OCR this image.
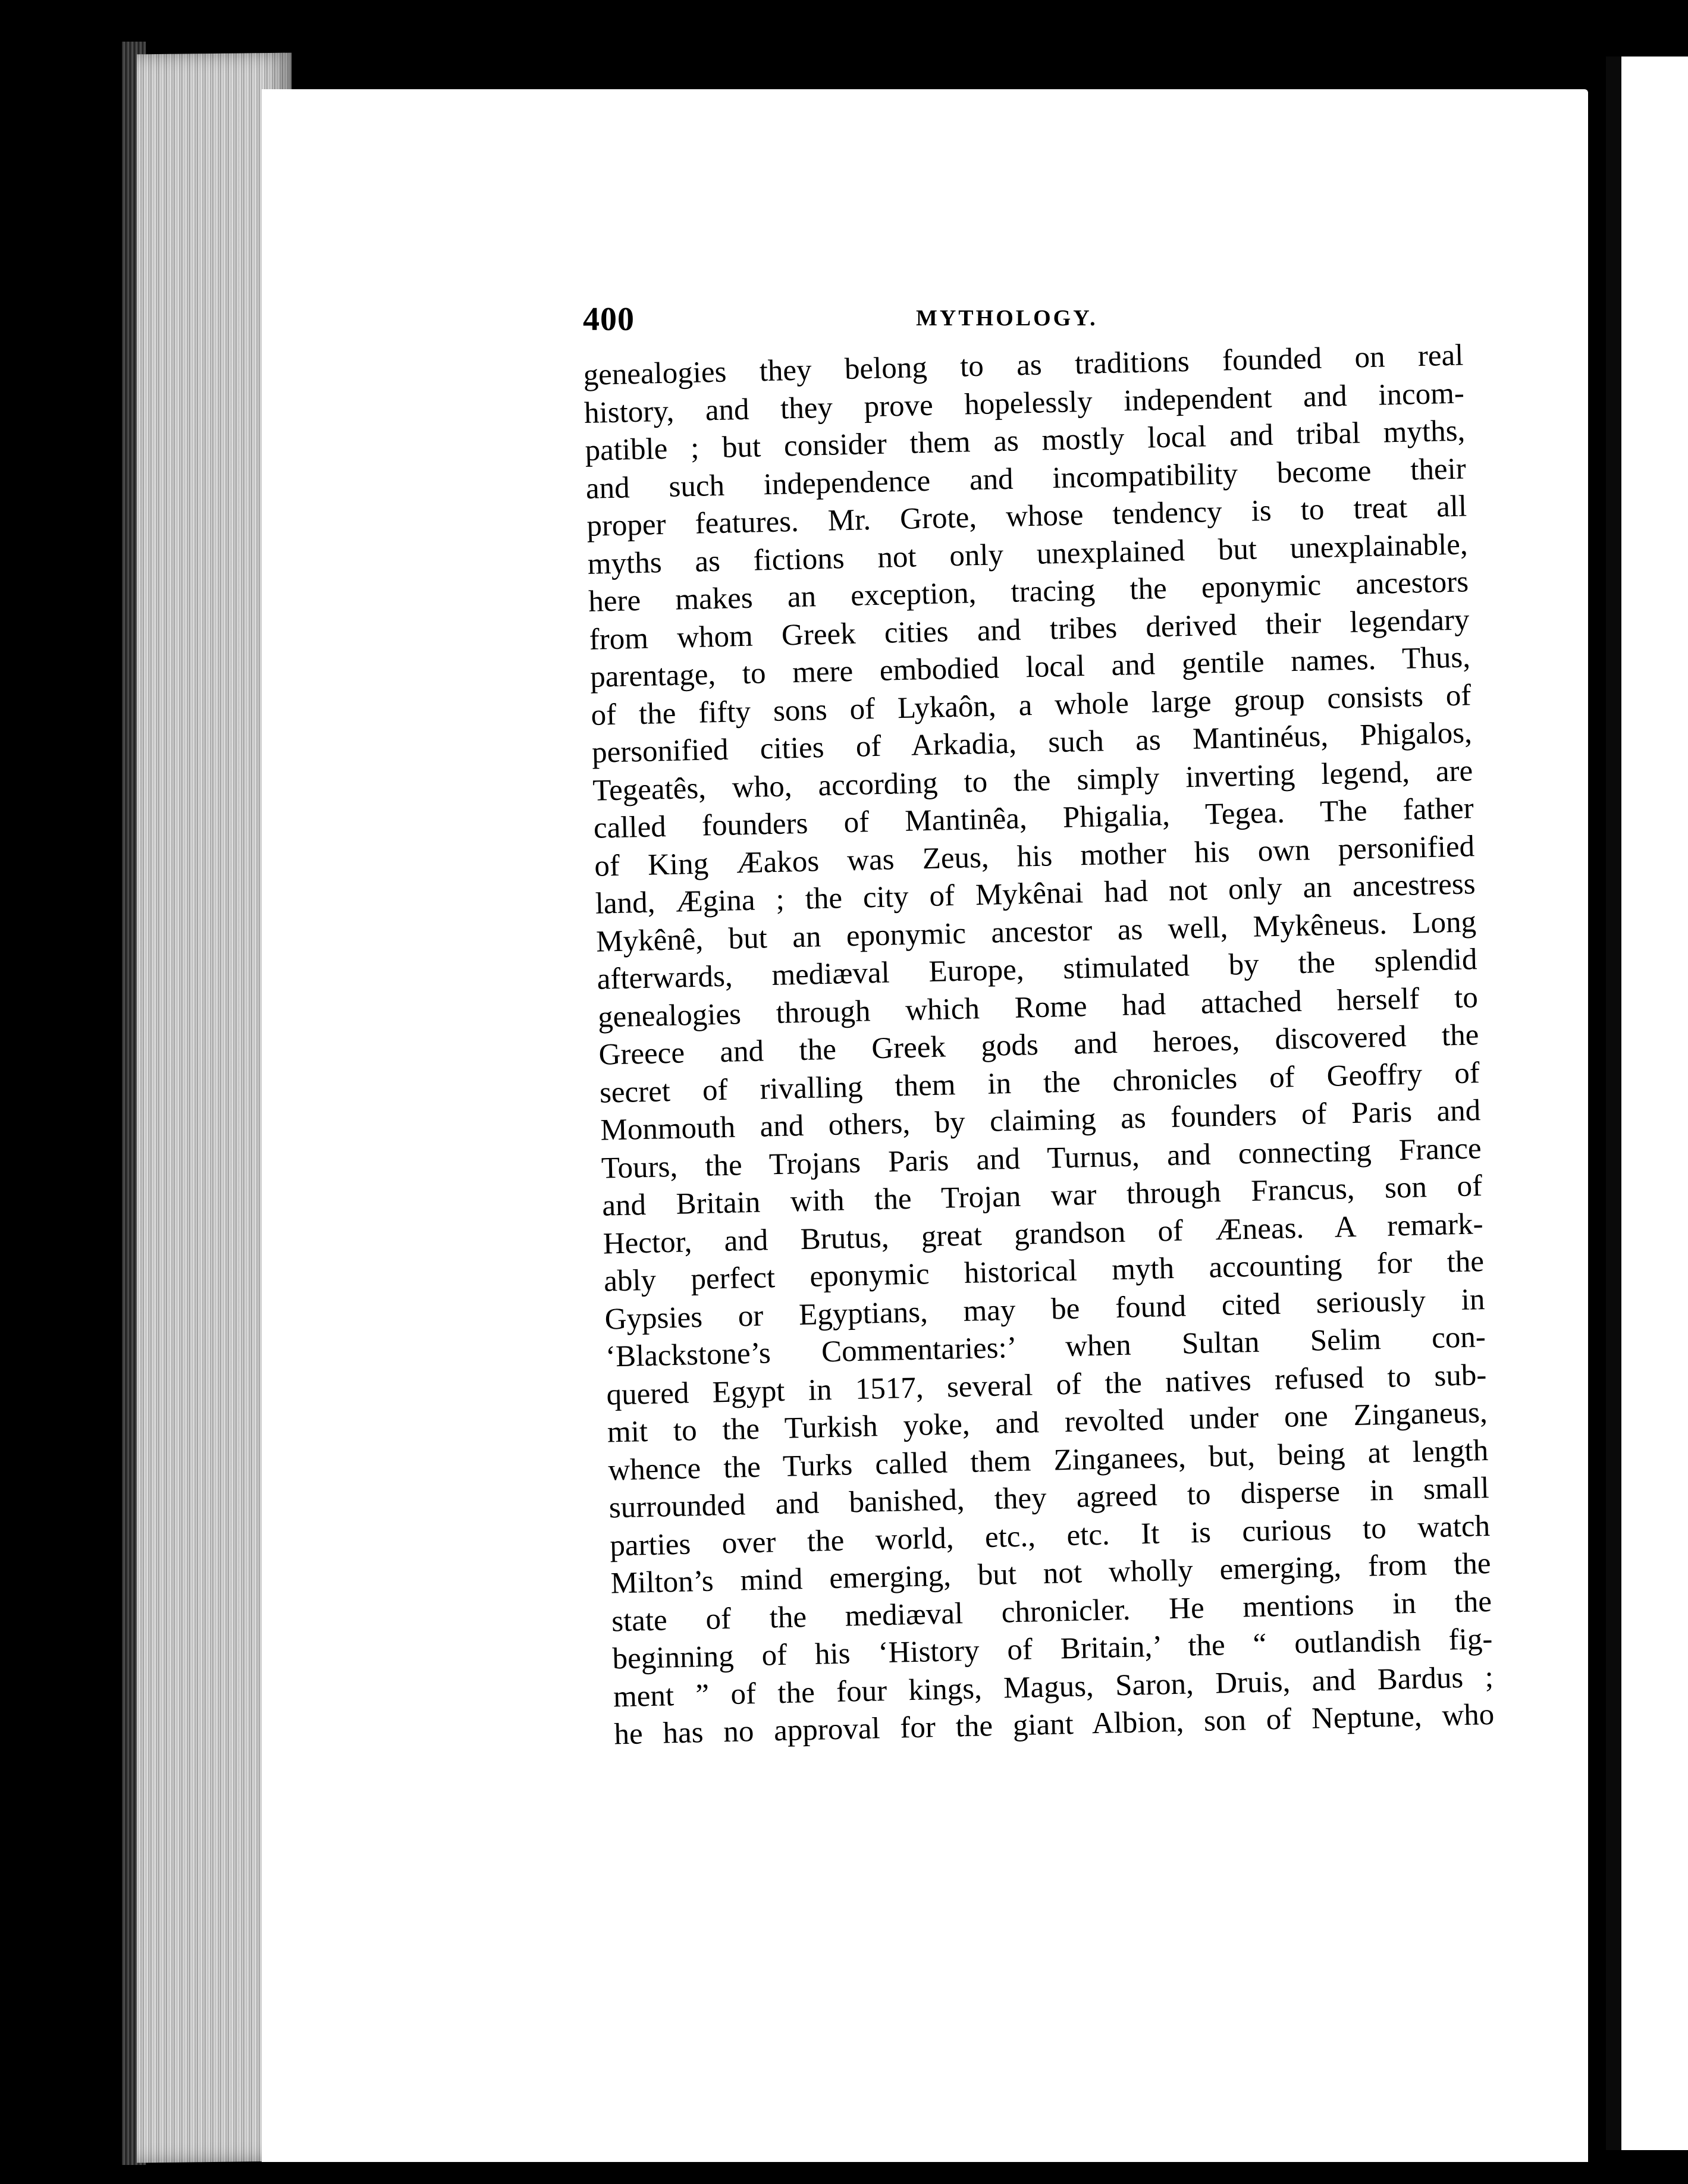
400	MYTHOLOGY.
genealogies they belong to as traditions founded on real
history, and they prove hopelessly independent and incom-
patible ; but consider them as mostly local and tribal myths,
and such independence and incompatibility become their
proper features. Mr. Grote, whose tendency is to treat all
myths as fictions not only unexplained but unexplainable,
here makes an exception, tracing the eponymic ancestors
from whom Greek cities and tribes derived their legendary
parentage, to mere embodied local and gentile names. Thus,
of the fifty sons of Lykaôn, a whole large group consists of
personified cities of Arkadia, such as Mantinéus, Phigalos,
Tegeatês, who, according to the simply inverting legend, are
called founders of Mantinêa, Phigalia, Tegea. The father
of King Æakos was Zeus, his mother his own personified
land, Ægina ; the city of Mykênai had not only an ancestress
Mykênê, but an eponymic ancestor as well, Mykêneus. Long
afterwards, mediæval Europe, stimulated by the splendid
genealogies through which Rome had attached herself to
Greece and the Greek gods and heroes, discovered the
secret of rivalling them in the chronicles of Geoffry of
Monmouth and others, by claiming as founders of Paris and
Tours, the Trojans Paris and Turnus, and connecting France
and Britain with the Trojan war through Francus, son of
Hector, and Brutus, great grandson of Æneas. A remark-
ably perfect eponymic historical myth accounting for the
Gypsies or Egyptians, may be found cited seriously in
‘Blackstone’s Commentaries:’ when Sultan Selim con-
quered Egypt in 1517, several of the natives refused to sub-
mit to the Turkish yoke, and revolted under one Zinganeus,
whence the Turks called them Zinganees, but, being at length
surrounded and banished, they agreed to disperse in small
parties over the world, etc., etc. It is curious to watch
Milton’s mind emerging, but not wholly emerging, from the
state of the mediæval chronicler. He mentions in the
beginning of his ‘History of Britain,’ the “ outlandish fig-
ment ” of the four kings, Magus, Saron, Druis, and Bardus ;
he has no approval for the giant Albion, son of Neptune, who
